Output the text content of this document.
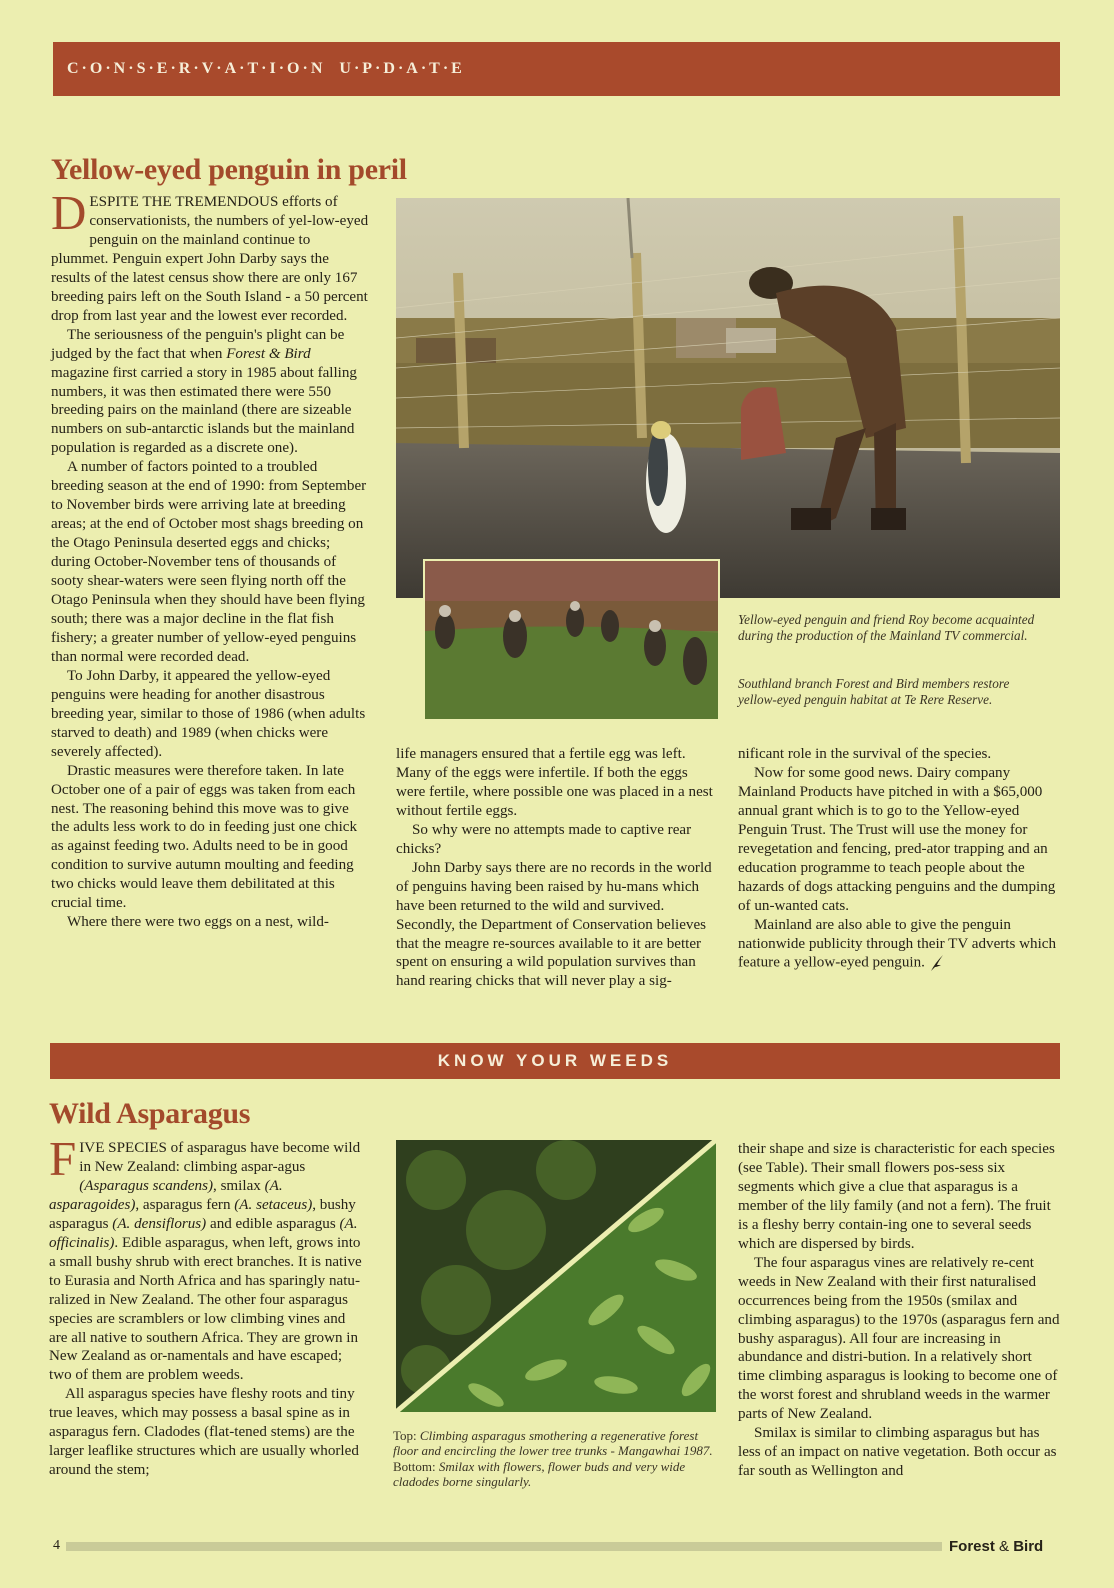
C·O·N·S·E·R·V·A·T·I·O·N  U·P·D·A·T·E
Yellow-eyed penguin in peril

DESPITE THE TREMENDOUS efforts of conservationists, the numbers of yel-low-eyed penguin on the mainland continue to plummet. Penguin expert John Darby says the results of the latest census show there are only 167 breeding pairs left on the South Island - a 50 percent drop from last year and the lowest ever recorded.

The seriousness of the penguin's plight can be judged by the fact that when Forest & Bird magazine first carried a story in 1985 about falling numbers, it was then estimated there were 550 breeding pairs on the mainland (there are sizeable numbers on sub-antarctic islands but the mainland population is regarded as a discrete one).

A number of factors pointed to a troubled breeding season at the end of 1990: from September to November birds were arriving late at breeding areas; at the end of October most shags breeding on the Otago Peninsula deserted eggs and chicks; during October-November tens of thousands of sooty shear-waters were seen flying north off the Otago Peninsula when they should have been flying south; there was a major decline in the flat fish fishery; a greater number of yellow-eyed penguins than normal were recorded dead.

To John Darby, it appeared the yellow-eyed penguins were heading for another disastrous breeding year, similar to those of 1986 (when adults starved to death) and 1989 (when chicks were severely affected).

Drastic measures were therefore taken. In late October one of a pair of eggs was taken from each nest. The reasoning behind this move was to give the adults less work to do in feeding just one chick as against feeding two. Adults need to be in good condition to survive autumn moulting and feeding two chicks would leave them debilitated at this crucial time.

Where there were two eggs on a nest, wild-

Yellow-eyed penguin and friend Roy become acquainted during the production of the Mainland TV commercial.
Southland branch Forest and Bird members restore yellow-eyed penguin habitat at Te Rere Reserve.

life managers ensured that a fertile egg was left. Many of the eggs were infertile. If both the eggs were fertile, where possible one was placed in a nest without fertile eggs.

So why were no attempts made to captive rear chicks?

John Darby says there are no records in the world of penguins having been raised by hu-mans which have been returned to the wild and survived. Secondly, the Department of Conservation believes that the meagre re-sources available to it are better spent on ensuring a wild population survives than hand rearing chicks that will never play a sig-

nificant role in the survival of the species.

Now for some good news. Dairy company Mainland Products have pitched in with a $65,000 annual grant which is to go to the Yellow-eyed Penguin Trust. The Trust will use the money for revegetation and fencing, pred-ator trapping and an education programme to teach people about the hazards of dogs attacking penguins and the dumping of un-wanted cats.

Mainland are also able to give the penguin nationwide publicity through their TV adverts which feature a yellow-eyed penguin.

KNOW YOUR WEEDS
Wild Asparagus

FIVE SPECIES of asparagus have become wild in New Zealand: climbing aspar-agus (Asparagus scandens), smilax (A. asparagoides), asparagus fern (A. setaceus), bushy asparagus (A. densiflorus) and edible asparagus (A. officinalis). Edible asparagus, when left, grows into a small bushy shrub with erect branches. It is native to Eurasia and North Africa and has sparingly natu-ralized in New Zealand. The other four asparagus species are scramblers or low climbing vines and are all native to southern Africa. They are grown in New Zealand as or-namentals and have escaped; two of them are problem weeds.

All asparagus species have fleshy roots and tiny true leaves, which may possess a basal spine as in asparagus fern. Cladodes (flat-tened stems) are the larger leaflike structures which are usually whorled around the stem;

Top: Climbing asparagus smothering a regenerative forest floor and encircling the lower tree trunks - Mangawhai 1987. Bottom: Smilax with flowers, flower buds and very wide cladodes borne singularly.

their shape and size is characteristic for each species (see Table). Their small flowers pos-sess six segments which give a clue that asparagus is a member of the lily family (and not a fern). The fruit is a fleshy berry contain-ing one to several seeds which are dispersed by birds.

The four asparagus vines are relatively re-cent weeds in New Zealand with their first naturalised occurrences being from the 1950s (smilax and climbing asparagus) to the 1970s (asparagus fern and bushy asparagus). All four are increasing in abundance and distri-bution. In a relatively short time climbing asparagus is looking to become one of the worst forest and shrubland weeds in the warmer parts of New Zealand.

Smilax is similar to climbing asparagus but has less of an impact on native vegetation. Both occur as far south as Wellington and

4	Forest & Bird
